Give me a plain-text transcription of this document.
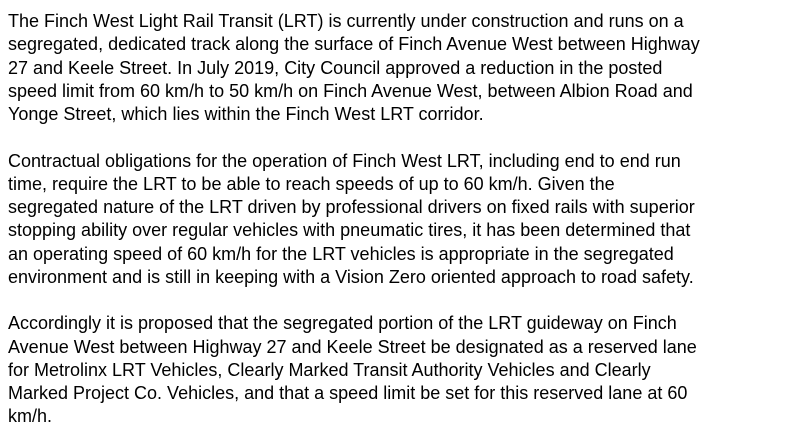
The Finch West Light Rail Transit (LRT) is currently under construction and runs on a
segregated, dedicated track along the surface of Finch Avenue West between Highway
27 and Keele Street. In July 2019, City Council approved a reduction in the posted
speed limit from 60 km/h to 50 km/h on Finch Avenue West, between Albion Road and
Yonge Street, which lies within the Finch West LRT corridor.

Contractual obligations for the operation of Finch West LRT, including end to end run
time, require the LRT to be able to reach speeds of up to 60 km/h. Given the
segregated nature of the LRT driven by professional drivers on fixed rails with superior
stopping ability over regular vehicles with pneumatic tires, it has been determined that
an operating speed of 60 km/h for the LRT vehicles is appropriate in the segregated
environment and is still in keeping with a Vision Zero oriented approach to road safety.

Accordingly it is proposed that the segregated portion of the LRT guideway on Finch
Avenue West between Highway 27 and Keele Street be designated as a reserved lane
for Metrolinx LRT Vehicles, Clearly Marked Transit Authority Vehicles and Clearly
Marked Project Co. Vehicles, and that a speed limit be set for this reserved lane at 60
km/h.
